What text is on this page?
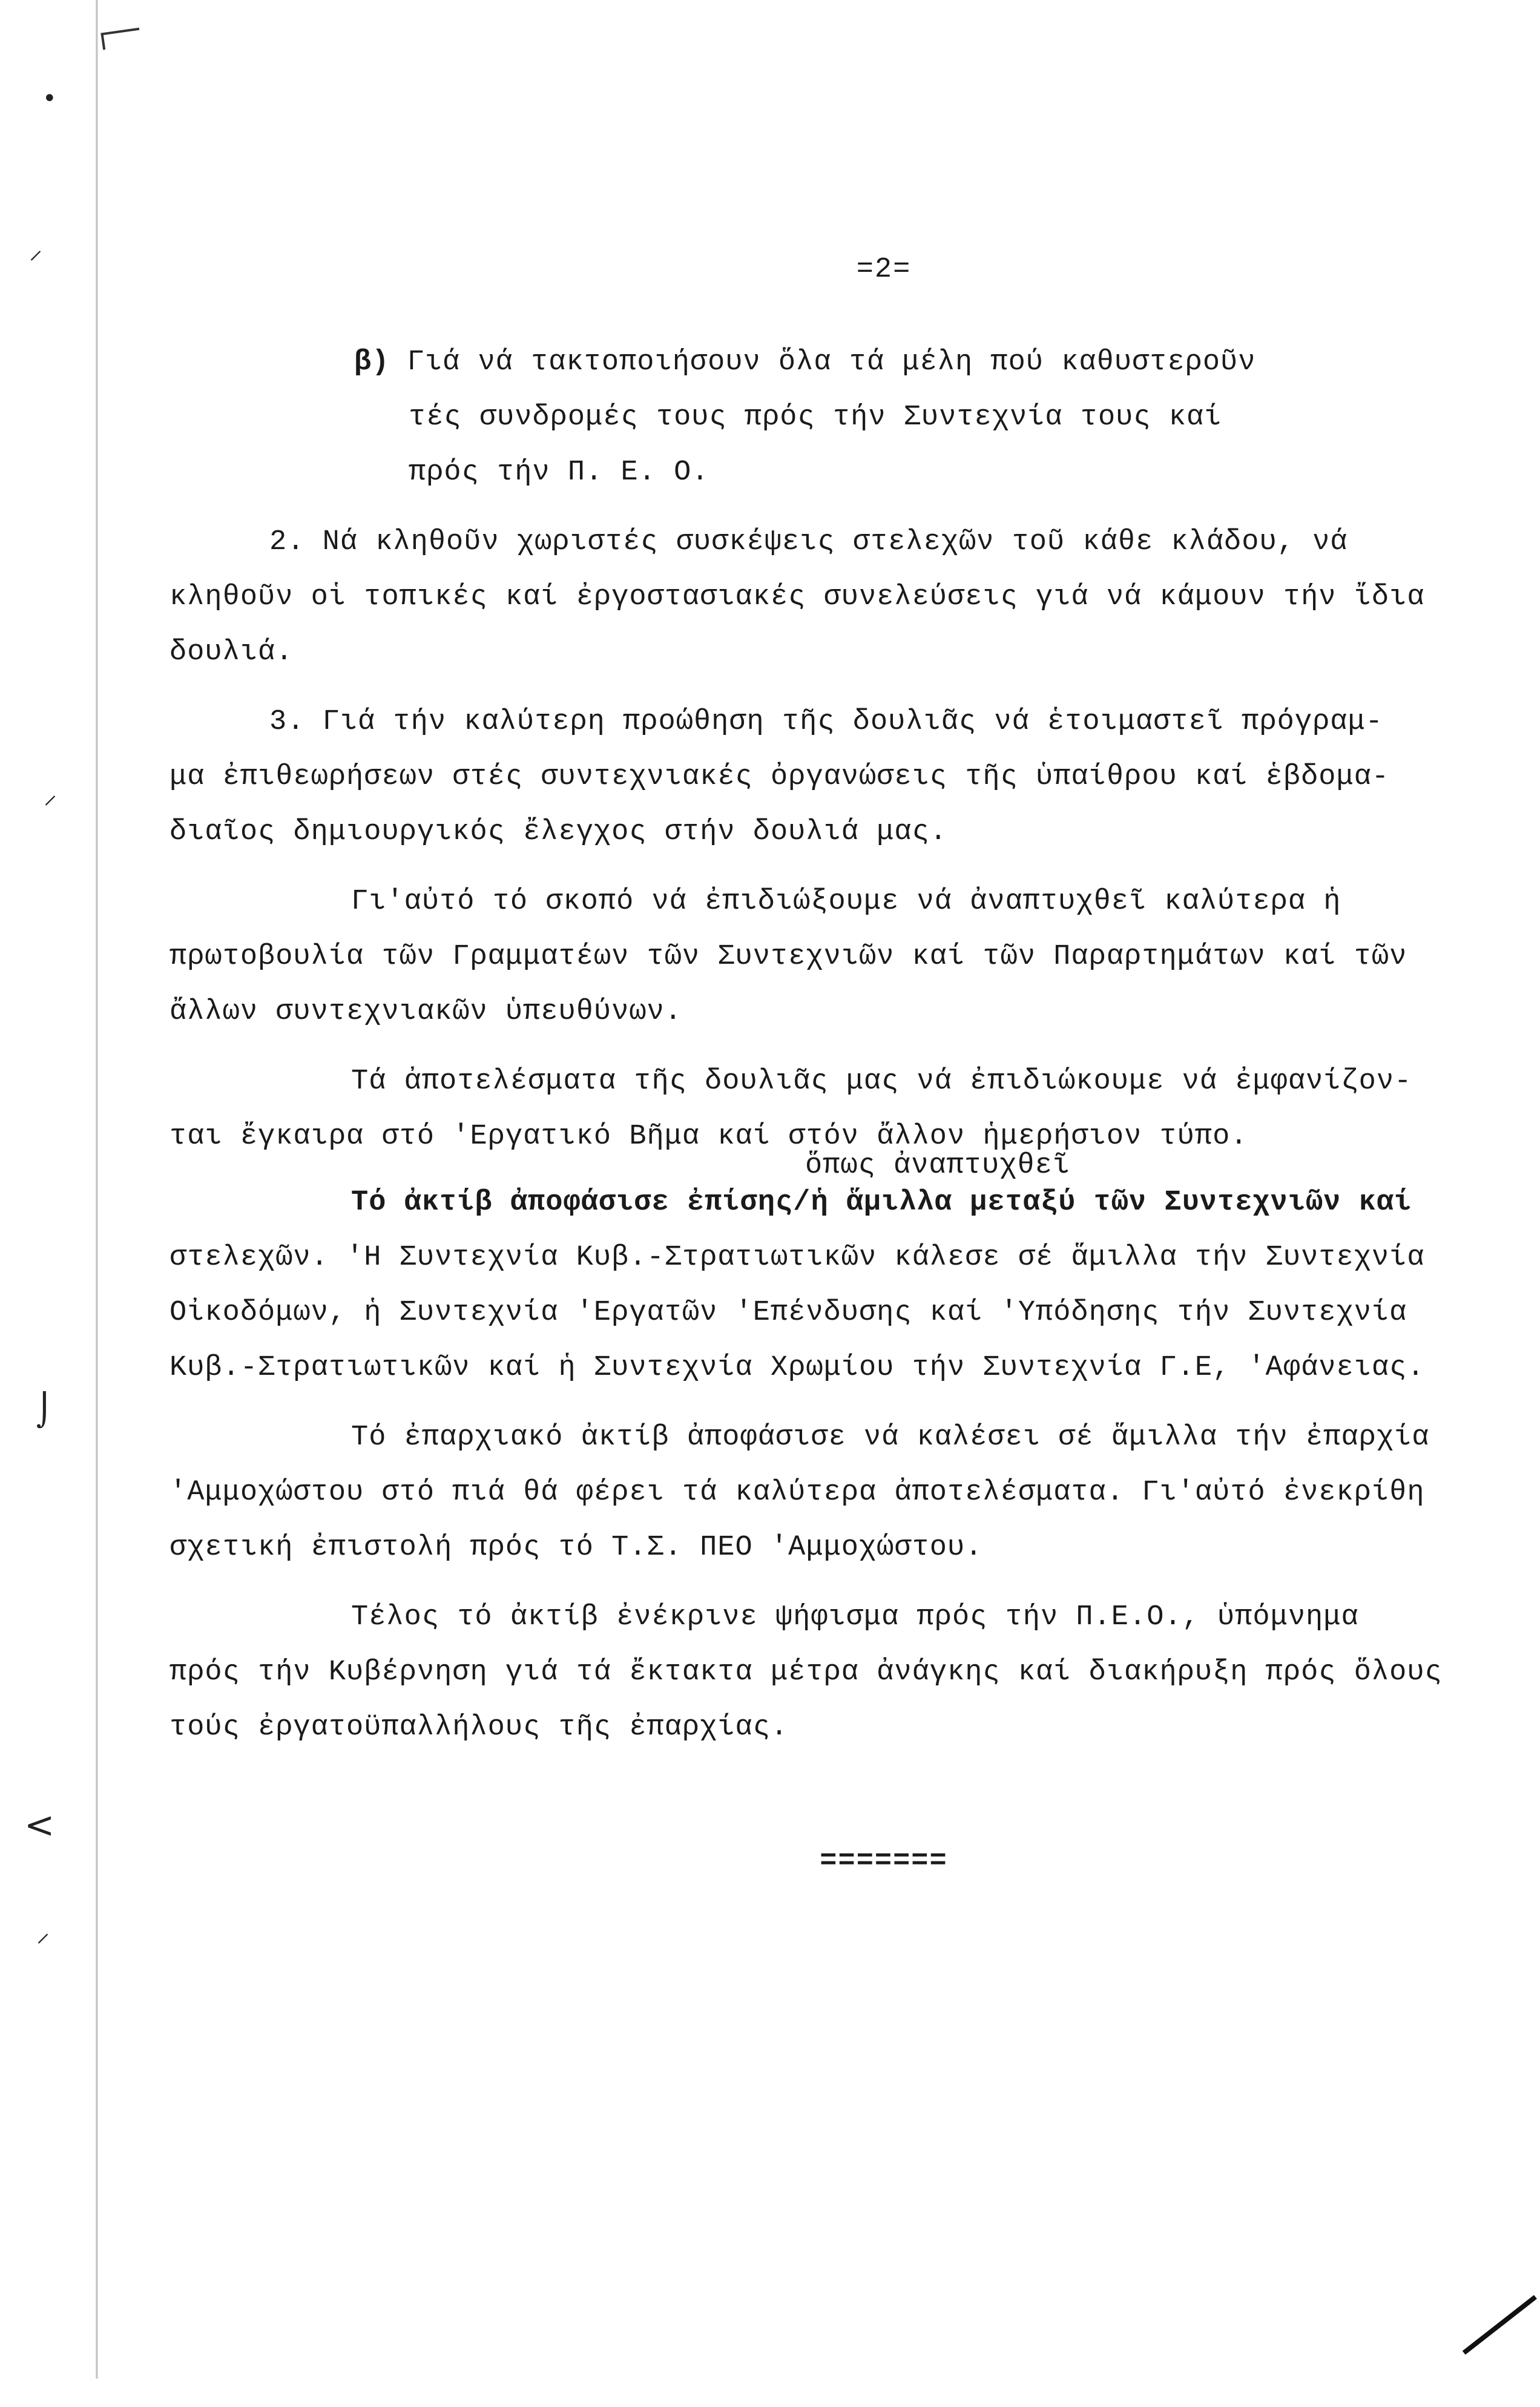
•
⸝
⸝
⌡
<
⸝
=2=
β) Γιά νά τακτοποιήσουν ὅλα τά μέλη πού καθυστεροῦν
τές συνδρομές τους πρός τήν Συντεχνία τους καί
πρός τήν Π. Ε. Ο.
2. Νά κληθοῦν χωριστές συσκέψεις στελεχῶν τοῦ κάθε κλάδου, νά
κληθοῦν οἱ τοπικές καί ἐργοστασιακές συνελεύσεις γιά νά κάμουν τήν ἴδια
δουλιά.
3. Γιά τήν καλύτερη προώθηση τῆς δουλιᾶς νά ἑτοιμαστεῖ πρόγραμ-
μα ἐπιθεωρήσεων στές συντεχνιακές ὀργανώσεις τῆς ὑπαίθρου καί ἑβδομα-
διαῖος δημιουργικός ἔλεγχος στήν δουλιά μας.
Γι'αὐτό τό σκοπό νά ἐπιδιώξουμε νά ἀναπτυχθεῖ καλύτερα ἡ
πρωτοβουλία τῶν Γραμματέων τῶν Συντεχνιῶν καί τῶν Παραρτημάτων καί τῶν
ἄλλων συντεχνιακῶν ὑπευθύνων.
Τά ἀποτελέσματα τῆς δουλιᾶς μας νά ἐπιδιώκουμε νά ἐμφανίζον-
ται ἔγκαιρα στό 'Εργατικό Βῆμα καί στόν ἄλλον ἡμερήσιον τύπο.
ὅπως ἀναπτυχθεῖ
Τό ἀκτίβ ἀποφάσισε ἐπίσης/ἡ ἅμιλλα μεταξύ τῶν Συντεχνιῶν καί
στελεχῶν. 'Η Συντεχνία Κυβ.-Στρατιωτικῶν κάλεσε σέ ἅμιλλα τήν Συντεχνία
Οἰκοδόμων, ἡ Συντεχνία 'Εργατῶν 'Επένδυσης καί 'Υπόδησης τήν Συντεχνία
Κυβ.-Στρατιωτικῶν καί ἡ Συντεχνία Χρωμίου τήν Συντεχνία Γ.Ε, 'Αφάνειας.
Τό ἐπαρχιακό ἀκτίβ ἀποφάσισε νά καλέσει σέ ἅμιλλα τήν ἐπαρχία
'Αμμοχώστου στό πιά θά φέρει τά καλύτερα ἀποτελέσματα. Γι'αὐτό ἐνεκρίθη
σχετική ἐπιστολή πρός τό Τ.Σ. ΠΕΟ 'Αμμοχώστου.
Τέλος τό ἀκτίβ ἐνέκρινε ψήφισμα πρός τήν Π.Ε.Ο., ὑπόμνημα
πρός τήν Κυβέρνηση γιά τά ἔκτακτα μέτρα ἀνάγκης καί διακήρυξη πρός ὅλους
τούς ἐργατοϋπαλλήλους τῆς ἐπαρχίας.
=======
